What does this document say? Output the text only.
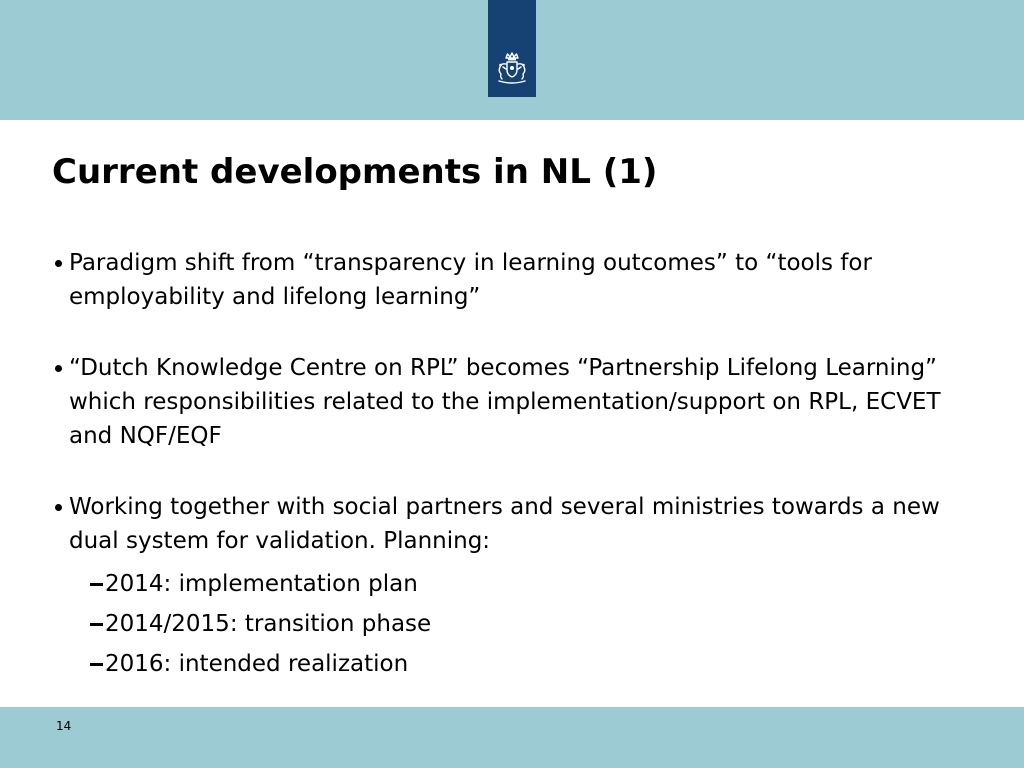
Current developments in NL (1)
Paradigm shift from “transparency in learning outcomes” to “tools for employability and lifelong learning”
“Dutch Knowledge Centre on RPL” becomes “Partnership Lifelong Learning” which responsibilities related to the implementation/support on RPL, ECVET and NQF/EQF
Working together with social partners and several ministries towards a new dual system for validation. Planning:
2014: implementation plan
2014/2015: transition phase
2016: intended realization
14
